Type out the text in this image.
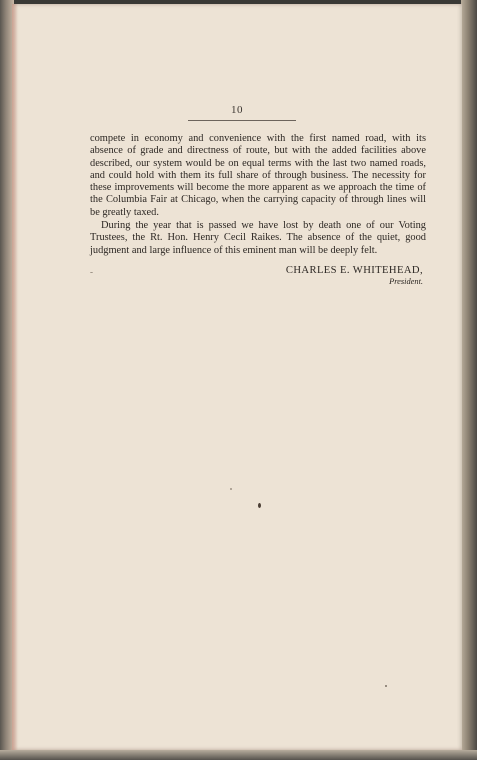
10

compete in economy and convenience with the first named road, with its absence of grade and directness of route, but with the added facilities above described, our system would be on equal terms with the last two named roads, and could hold with them its full share of through business. The necessity for these improvements will become the more apparent as we approach the time of the Columbia Fair at Chicago, when the carrying capacity of through lines will be greatly taxed.

During the year that is passed we have lost by death one of our Voting Trustees, the Rt. Hon. Henry Cecil Raikes. The absence of the quiet, good judgment and large influence of this eminent man will be deeply felt.

CHARLES E. WHITEHEAD,
President.
